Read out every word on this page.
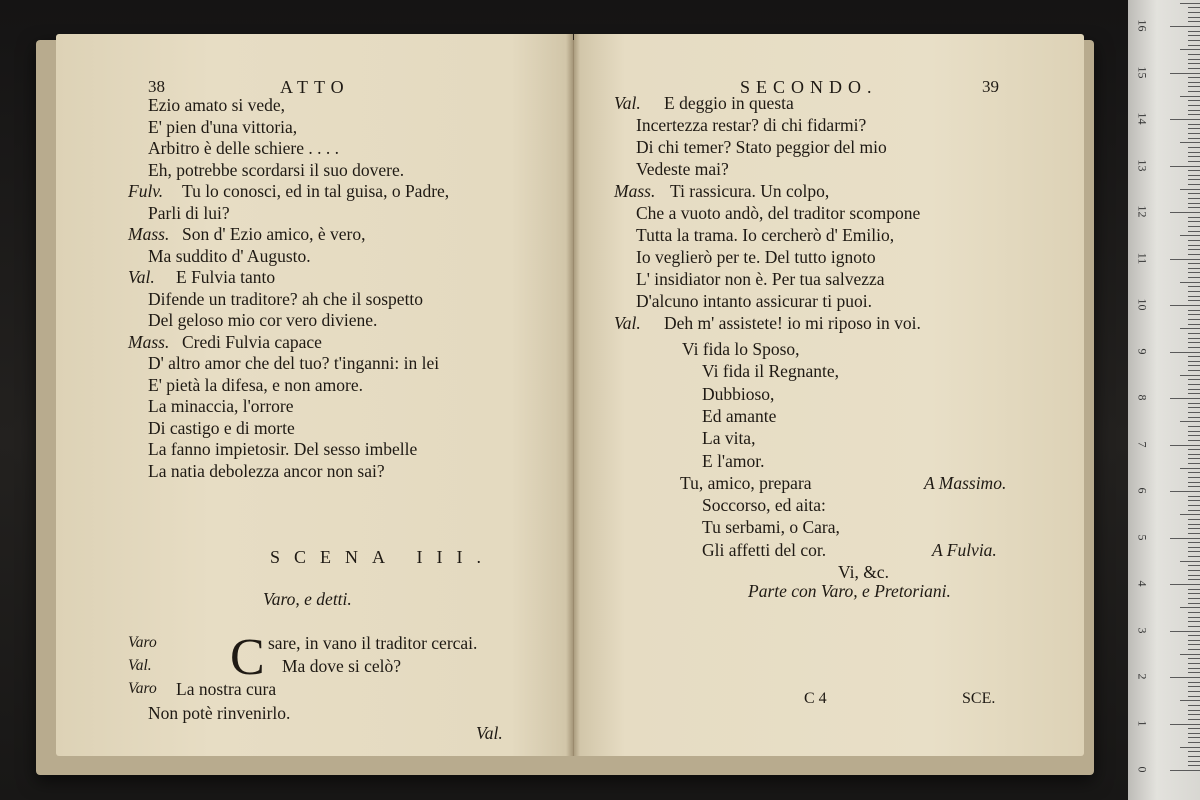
38	ATTO
Ezio amato si vede,
E' pien d'una vittoria,
Arbitro è delle schiere . . . .
Eh, potrebbe scordarsi il suo dovere.
Fulv. Tu lo conosci, ed in tal guisa, o Padre,
Parli di lui?
Mass. Son d' Ezio amico, è vero,
Ma suddito d' Augusto.
Val. E Fulvia tanto
Difende un traditore? ah che il sospetto
Del geloso mio cor vero diviene.
Mass. Credi Fulvia capace
D' altro amor che del tuo? t'inganni: in lei
E' pietà la difesa, e non amore.
La minaccia, l'orrore
Di castigo e di morte
La fanno impietosir. Del sesso imbelle
La natia debolezza ancor non sai?
SCENA III.
Varo, e detti.
C
Varo	sare, in vano il traditor cercai.
Val.	Ma dove si celò?
Varo La nostra cura
Non potè rinvenirlo.
Val.
SECONDO.	39
Val. E deggio in questa
Incertezza restar? di chi fidarmi?
Di chi temer? Stato peggior del mio
Vedeste mai?
Mass. Ti rassicura. Un colpo,
Che a vuoto andò, del traditor scompone
Tutta la trama. Io cercherò d' Emilio,
Io veglierò per te. Del tutto ignoto
L' insidiator non è. Per tua salvezza
D'alcuno intanto assicurar ti puoi.
Val. Deh m' assistete! io mi riposo in voi.
Vi fida lo Sposo,
Vi fida il Regnante,
Dubbioso,
Ed amante
La vita,
E l'amor.
Tu, amico, prepara	A Massimo.
Soccorso, ed aita:
Tu serbami, o Cara,
Gli affetti del cor.	A Fulvia.
Vi, &c.
Parte con Varo, e Pretoriani.
C 4	SCE.
0
1
2
3
4
5
6
7
8
9
10
11
12
13
14
15
16
